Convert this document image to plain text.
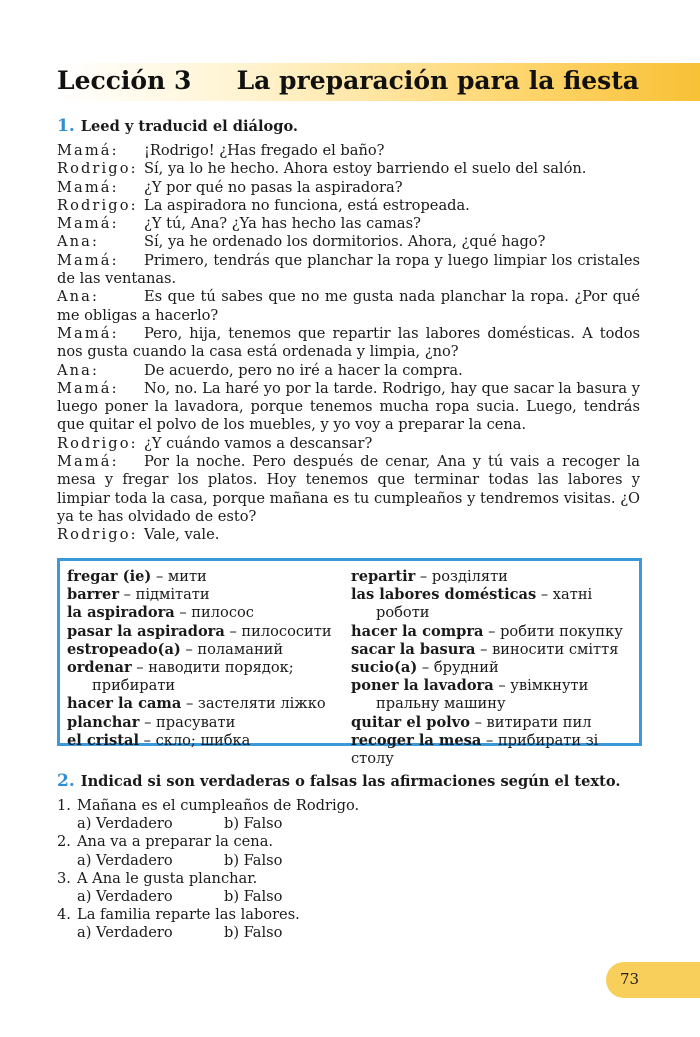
Lección 3 La preparación para la fiesta
1. Leed y traducid el diálogo.
Mamá: ¡Rodrigo! ¿Has fregado el baño?
Rodrigo: Sí, ya lo he hecho. Ahora estoy barriendo el suelo del salón.
Mamá: ¿Y por qué no pasas la aspiradora?
Rodrigo: La aspiradora no funciona, está estropeada.
Mamá: ¿Y tú, Ana? ¿Ya has hecho las camas?
Ana:	Sí, ya he ordenado los dormitorios. Ahora, ¿qué hago?
Mamá: Primero, tendrás que planchar la ropa y luego limpiar los cristales de las ventanas.
Ana:	Es que tú sabes que no me gusta nada planchar la ropa. ¿Por qué me obligas a hacerlo?
Mamá: Pero, hija, tenemos que repartir las labores domésticas. A todos nos gusta cuando la casa está ordenada y limpia, ¿no?
Ana:	De acuerdo, pero no iré a hacer la compra.
Mamá: No, no. La haré yo por la tarde. Rodrigo, hay que sacar la basura y luego poner la lavadora, porque tenemos mucha ropa sucia. Luego, tendrás que quitar el polvo de los muebles, y yo voy a preparar la cena.
Rodrigo: ¿Y cuándo vamos a descansar?
Mamá: Por la noche. Pero después de cenar, Ana y tú vais a recoger la mesa y fregar los platos. Hoy tenemos que terminar todas las labores y limpiar toda la casa, porque mañana es tu cumpleaños y tendremos visitas. ¿O ya te has olvidado de esto?
Rodrigo: Vale, vale.
fregar (ie) – мити
barrer – підмітати
la aspiradora – пилосос
pasar la aspiradora – пилососити
estropeado(a) – поламаний
ordenar – наводити порядок;
прибирати
hacer la cama – застеляти ліжко
planchar – прасувати
el cristal – скло; шибка
repartir – розділяти
las labores domésticas – хатні
роботи
hacer la compra – робити покупку
sacar la basura – виносити сміття
sucio(a) – брудний
poner la lavadora – увімкнути
пральну машину
quitar el polvo – витирати пил
recoger la mesa – прибирати зі столу
2. Indicad si son verdaderas o falsas las afirmaciones según el texto.
1. Mañana es el cumpleaños de Rodrigo.
a) Verdadero	b) Falso
2. Ana va a preparar la cena.
a) Verdadero	b) Falso
3. A Ana le gusta planchar.
a) Verdadero	b) Falso
4. La familia reparte las labores.
a) Verdadero	b) Falso
73
